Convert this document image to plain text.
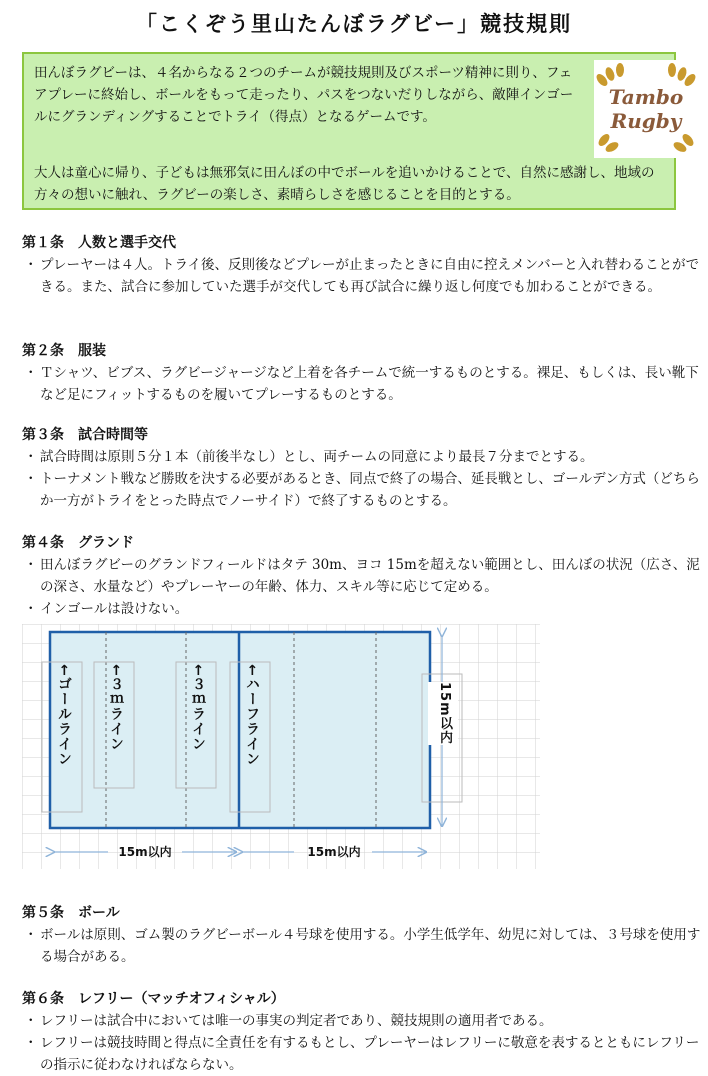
「こくぞう里山たんぼラグビー」競技規則

田んぼラグビーは、４名からなる２つのチームが競技規則及びスポーツ精神に則り、フェアプレーに終始し、ボールをもって走ったり、パスをつないだりしながら、敵陣インゴールにグランディングすることでトライ（得点）となるゲームです。

大人は童心に帰り、子どもは無邪気に田んぼの中でボールを追いかけることで、自然に感謝し、地域の方々の想いに触れ、ラグビーの楽しさ、素晴らしさを感じることを目的とする。

Tambo
Rugby
第１条　人数と選手交代

・ プレーヤーは４人。トライ後、反則後などプレーが止まったときに自由に控えメンバーと入れ替わることができる。また、試合に参加していた選手が交代しても再び試合に繰り返し何度でも加わることができる。

第２条　服装

・ Ｔシャツ、ビブス、ラグビージャージなど上着を各チームで統一するものとする。裸足、もしくは、長い靴下など足にフィットするものを履いてプレーするものとする。

第３条　試合時間等

・ 試合時間は原則５分１本（前後半なし）とし、両チームの同意により最長７分までとする。

・ トーナメント戦など勝敗を決する必要があるとき、同点で終了の場合、延長戦とし、ゴールデン方式（どちらか一方がトライをとった時点でノーサイド）で終了するものとする。

第４条　グランド

・ 田んぼラグビーのグランドフィールドはタテ 30m、ヨコ 15mを超えない範囲とし、田んぼの状況（広さ、泥の深さ、水量など）やプレーヤーの年齢、体力、スキル等に応じて定める。

・ インゴールは設けない。

←ゴールライン	←３ｍライン	←３ｍライン	←ハーフライン	15m以内
15m以内	15m以内
第５条　ボール

・ ボールは原則、ゴム製のラグビーボール４号球を使用する。小学生低学年、幼児に対しては、３号球を使用する場合がある。

第６条　レフリー（マッチオフィシャル）

・ レフリーは試合中においては唯一の事実の判定者であり、競技規則の適用者である。

・ レフリーは競技時間と得点に全責任を有するもとし、プレーヤーはレフリーに敬意を表するとともにレフリーの指示に従わなければならない。
